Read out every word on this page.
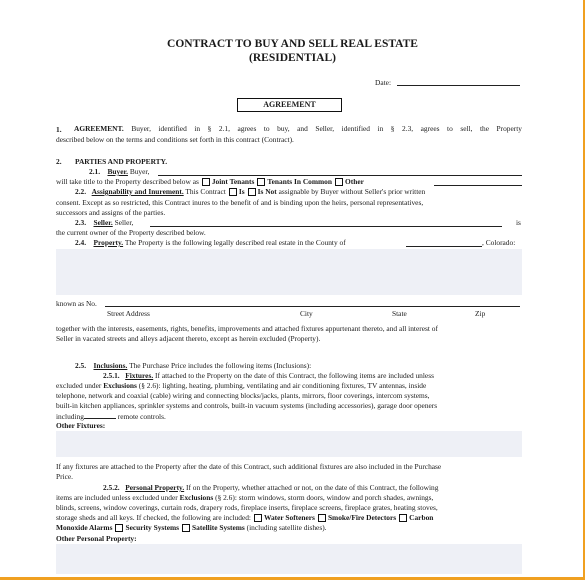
CONTRACT TO BUY AND SELL REAL ESTATE
(RESIDENTIAL)
Date:
AGREEMENT
1. AGREEMENT. Buyer, identified in § 2.1, agrees to buy, and Seller, identified in § 2.3, agrees to sell, the Property
described below on the terms and conditions set forth in this contract (Contract).
2. PARTIES AND PROPERTY.
2.1. Buyer. Buyer,
will take title to the Property described below as Joint Tenants Tenants In Common Other
2.2. Assignability and Inurement. This Contract Is Is Not assignable by Buyer without Seller's prior written
consent. Except as so restricted, this Contract inures to the benefit of and is binding upon the heirs, personal representatives,
successors and assigns of the parties.
2.3. Seller. Seller,	is
the current owner of the Property described below.
2.4. Property. The Property is the following legally described real estate in the County of	, Colorado:
known as No.
Street Address	City	State	Zip
together with the interests, easements, rights, benefits, improvements and attached fixtures appurtenant thereto, and all interest of
Seller in vacated streets and alleys adjacent thereto, except as herein excluded (Property).
2.5. Inclusions. The Purchase Price includes the following items (Inclusions):
2.5.1. Fixtures. If attached to the Property on the date of this Contract, the following items are included unless
excluded under Exclusions (§ 2.6): lighting, heating, plumbing, ventilating and air conditioning fixtures, TV antennas, inside
telephone, network and coaxial (cable) wiring and connecting blocks/jacks, plants, mirrors, floor coverings, intercom systems,
built-in kitchen appliances, sprinkler systems and controls, built-in vacuum systems (including accessories), garage door openers
including	remote controls.
Other Fixtures:
If any fixtures are attached to the Property after the date of this Contract, such additional fixtures are also included in the Purchase
Price.
2.5.2. Personal Property. If on the Property, whether attached or not, on the date of this Contract, the following
items are included unless excluded under Exclusions (§ 2.6): storm windows, storm doors, window and porch shades, awnings,
blinds, screens, window coverings, curtain rods, drapery rods, fireplace inserts, fireplace screens, fireplace grates, heating stoves,
storage sheds and all keys. If checked, the following are included: Water Softeners Smoke/Fire Detectors Carbon
Monoxide Alarms Security Systems Satellite Systems (including satellite dishes).
Other Personal Property:
